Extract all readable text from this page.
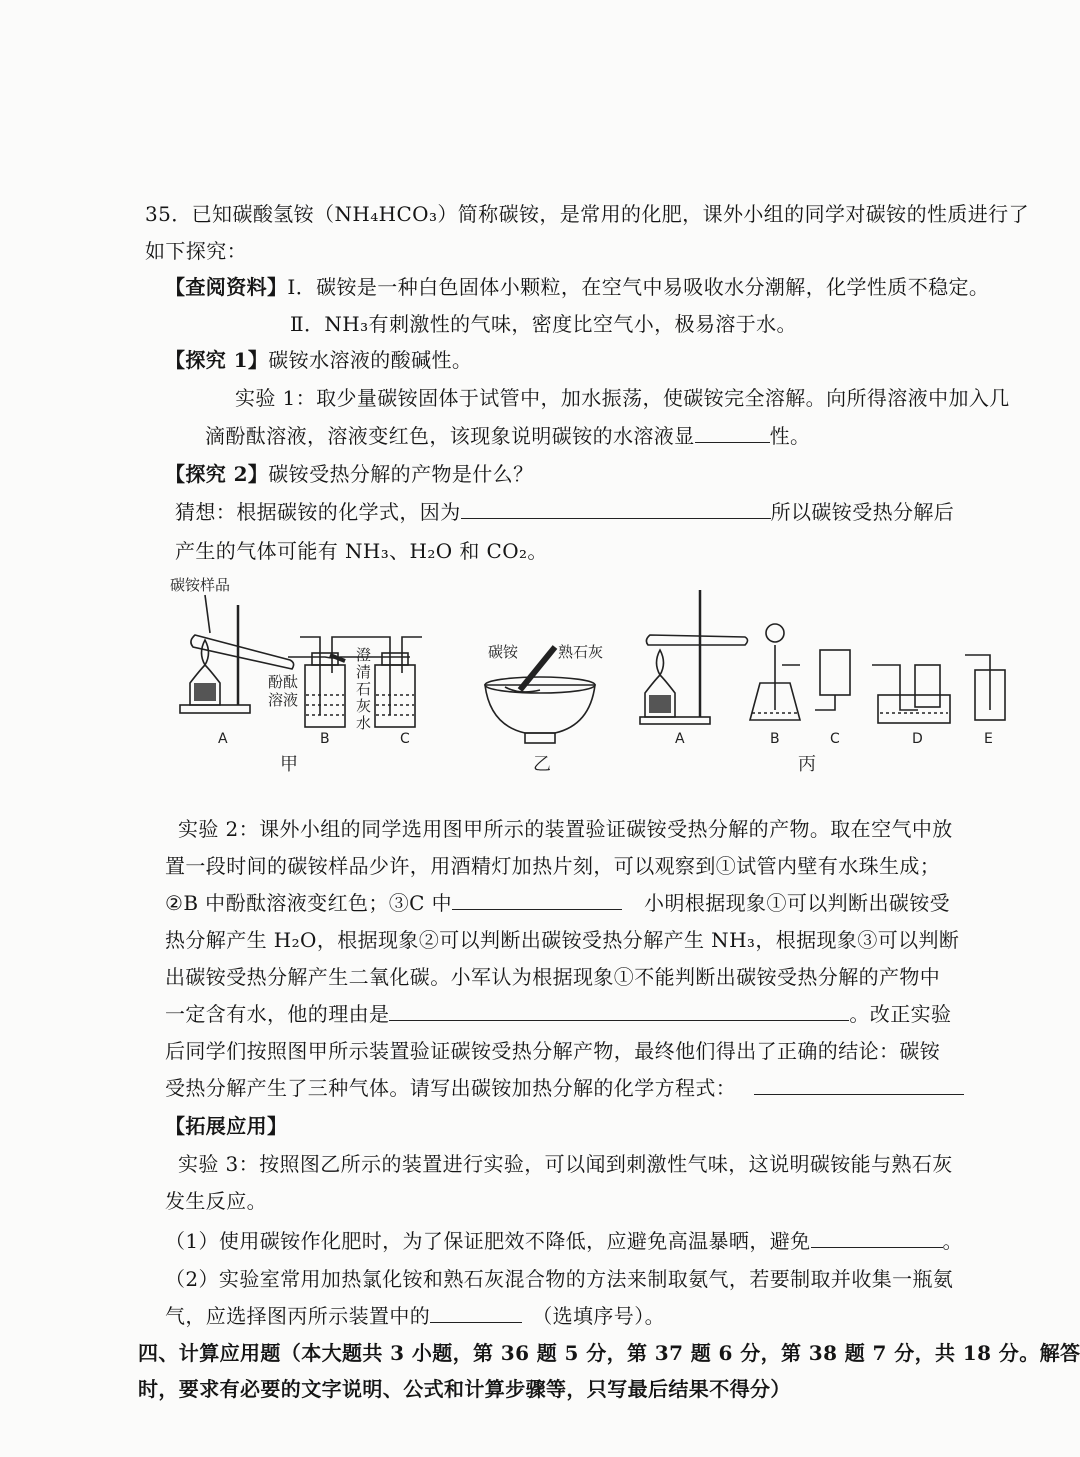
35．已知碳酸氢铵（NH₄HCO₃）简称碳铵，是常用的化肥，课外小组的同学对碳铵的性质进行了
如下探究：
【查阅资料】Ⅰ．碳铵是一种白色固体小颗粒，在空气中易吸收水分潮解，化学性质不稳定。
Ⅱ．NH₃有刺激性的气味，密度比空气小，极易溶于水。
【探究 1】碳铵水溶液的酸碱性。
实验 1：取少量碳铵固体于试管中，加水振荡，使碳铵完全溶解。向所得溶液中加入几
滴酚酞溶液，溶液变红色，该现象说明碳铵的水溶液显	性。
【探究 2】碳铵受热分解的产物是什么？
猜想：根据碳铵的化学式，因为	所以碳铵受热分解后
产生的气体可能有 NH₃、H₂O 和 CO₂。
碳铵样品
酚酞
溶液
澄
清
石
灰
水
A	B	C
甲
碳铵	熟石灰
乙
A	B	C	D	E
丙
实验 2：课外小组的同学选用图甲所示的装置验证碳铵受热分解的产物。取在空气中放
置一段时间的碳铵样品少许，用酒精灯加热片刻，可以观察到①试管内壁有水珠生成；
②B 中酚酞溶液变红色；③C 中	小明根据现象①可以判断出碳铵受
热分解产生 H₂O，根据现象②可以判断出碳铵受热分解产生 NH₃，根据现象③可以判断
出碳铵受热分解产生二氧化碳。小军认为根据现象①不能判断出碳铵受热分解的产物中
一定含有水，他的理由是	。改正实验
后同学们按照图甲所示装置验证碳铵受热分解产物，最终他们得出了正确的结论：碳铵
受热分解产生了三种气体。请写出碳铵加热分解的化学方程式：
【拓展应用】
实验 3：按照图乙所示的装置进行实验，可以闻到刺激性气味，这说明碳铵能与熟石灰
发生反应。
（1）使用碳铵作化肥时，为了保证肥效不降低，应避免高温暴晒，避免	。
（2）实验室常用加热氯化铵和熟石灰混合物的方法来制取氨气，若要制取并收集一瓶氨
气，应选择图丙所示装置中的	（选填序号）。
四、计算应用题（本大题共 3 小题，第 36 题 5 分，第 37 题 6 分，第 38 题 7 分，共 18 分。解答
时，要求有必要的文字说明、公式和计算步骤等，只写最后结果不得分）
